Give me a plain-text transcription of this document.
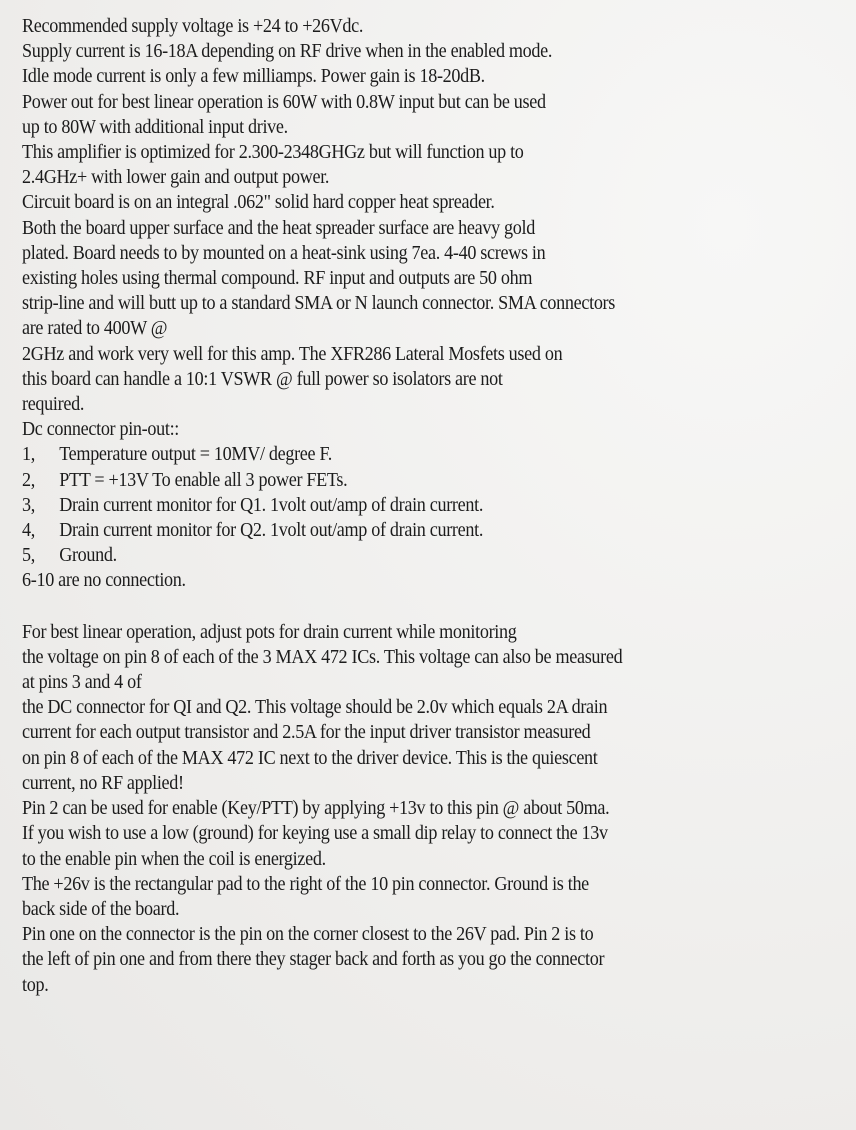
Recommended supply voltage is +24 to +26Vdc.
Supply current is 16-18A depending on RF drive when in the enabled mode.
Idle mode current is only a few milliamps. Power gain is 18-20dB.
Power out for best linear operation is 60W with 0.8W input but can be used
up to 80W with additional input drive.
This amplifier is optimized for 2.300-2348GHGz but will function up to
2.4GHz+ with lower gain and output power.
Circuit board is on an integral .062" solid hard copper heat spreader.
Both the board upper surface and the heat spreader surface are heavy gold
plated. Board needs to by mounted on a heat-sink using 7ea. 4-40 screws in
existing holes using thermal compound. RF input and outputs are 50 ohm
strip-line and will butt up to a standard SMA or N launch connector. SMA connectors
are rated to 400W @
2GHz and work very well for this amp. The XFR286 Lateral Mosfets used on
this board can handle a 10:1 VSWR @ full power so isolators are not
required.
Dc connector pin-out::
1,	Temperature output = 10MV/ degree F.
2,	PTT = +13V To enable all 3 power FETs.
3,	Drain current monitor for Q1. 1volt out/amp of drain current.
4,	Drain current monitor for Q2. 1volt out/amp of drain current.
5,	Ground.
6-10 are no connection.
For best linear operation, adjust pots for drain current while monitoring
the voltage on pin 8 of each of the 3 MAX 472 ICs. This voltage can also be measured
at pins 3 and 4 of
the DC connector for QI and Q2. This voltage should be 2.0v which equals 2A drain
current for each output transistor and 2.5A for the input driver transistor measured
on pin 8 of each of the MAX 472 IC next to the driver device. This is the quiescent
current, no RF applied!
Pin 2 can be used for enable (Key/PTT) by applying +13v to this pin @ about 50ma.
If you wish to use a low (ground) for keying use a small dip relay to connect the 13v
to the enable pin when the coil is energized.
The +26v is the rectangular pad to the right of the 10 pin connector. Ground is the
back side of the board.
Pin one on the connector is the pin on the corner closest to the 26V pad. Pin 2 is to
the left of pin one and from there they stager back and forth as you go the connector
top.
